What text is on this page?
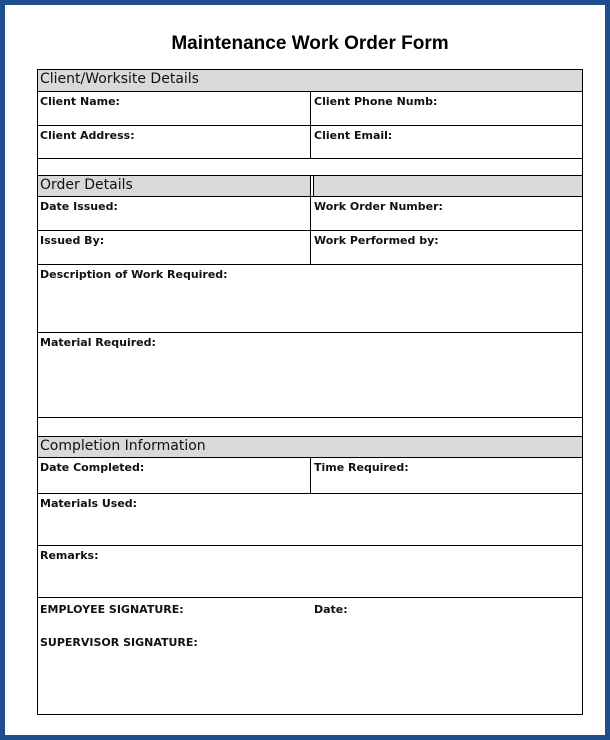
Maintenance Work Order Form
Client/Worksite Details
Client Name:	Client Phone Numb:
Client Address:	Client Email:
Order Details
Date Issued:	Work Order Number:
Issued By:	Work Performed by:
Description of Work Required:
Material Required:
Completion Information
Date Completed:	Time Required:
Materials Used:
Remarks:
EMPLOYEE SIGNATURE:	Date:
SUPERVISOR SIGNATURE:
